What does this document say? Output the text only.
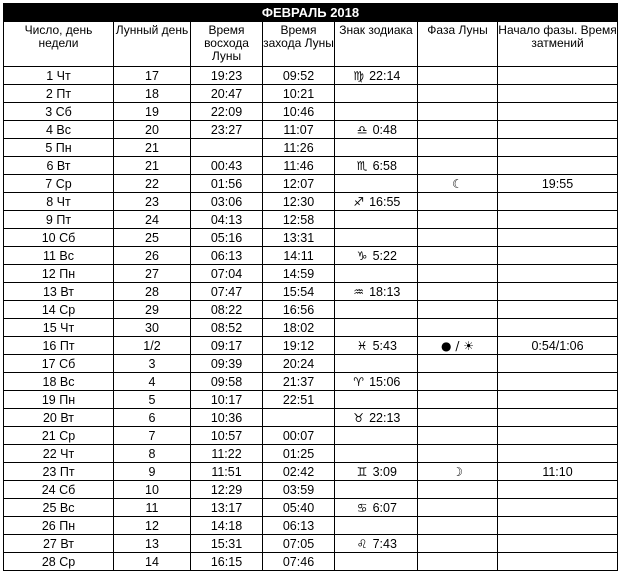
ФЕВРАЛЬ 2018						
Число, день недели	Лунный день	Время восхода Луны	Время захода Луны	Знак зодиака	Фаза Луны	Начало фазы. Время затмений
1 Чт	17	19:23	09:52	♍ 22:14		
2 Пт	18	20:47	10:21			
3 Сб	19	22:09	10:46			
4 Вс	20	23:27	11:07	♎ 0:48		
5 Пн	21		11:26			
6 Вт	21	00:43	11:46	♏ 6:58		
7 Ср	22	01:56	12:07		☾	19:55
8 Чт	23	03:06	12:30	♐ 16:55		
9 Пт	24	04:13	12:58			
10 Сб	25	05:16	13:31			
11 Вс	26	06:13	14:11	♑ 5:22		
12 Пн	27	07:04	14:59			
13 Вт	28	07:47	15:54	♒ 18:13		
14 Ср	29	08:22	16:56			
15 Чт	30	08:52	18:02			
16 Пт	1/2	09:17	19:12	♓ 5:43	● / ☀	0:54/1:06
17 Сб	3	09:39	20:24			
18 Вс	4	09:58	21:37	♈ 15:06		
19 Пн	5	10:17	22:51			
20 Вт	6	10:36		♉ 22:13		
21 Ср	7	10:57	00:07			
22 Чт	8	11:22	01:25			
23 Пт	9	11:51	02:42	♊ 3:09	☽	11:10
24 Сб	10	12:29	03:59			
25 Вс	11	13:17	05:40	♋ 6:07		
26 Пн	12	14:18	06:13			
27 Вт	13	15:31	07:05	♌ 7:43		
28 Ср	14	16:15	07:46			
